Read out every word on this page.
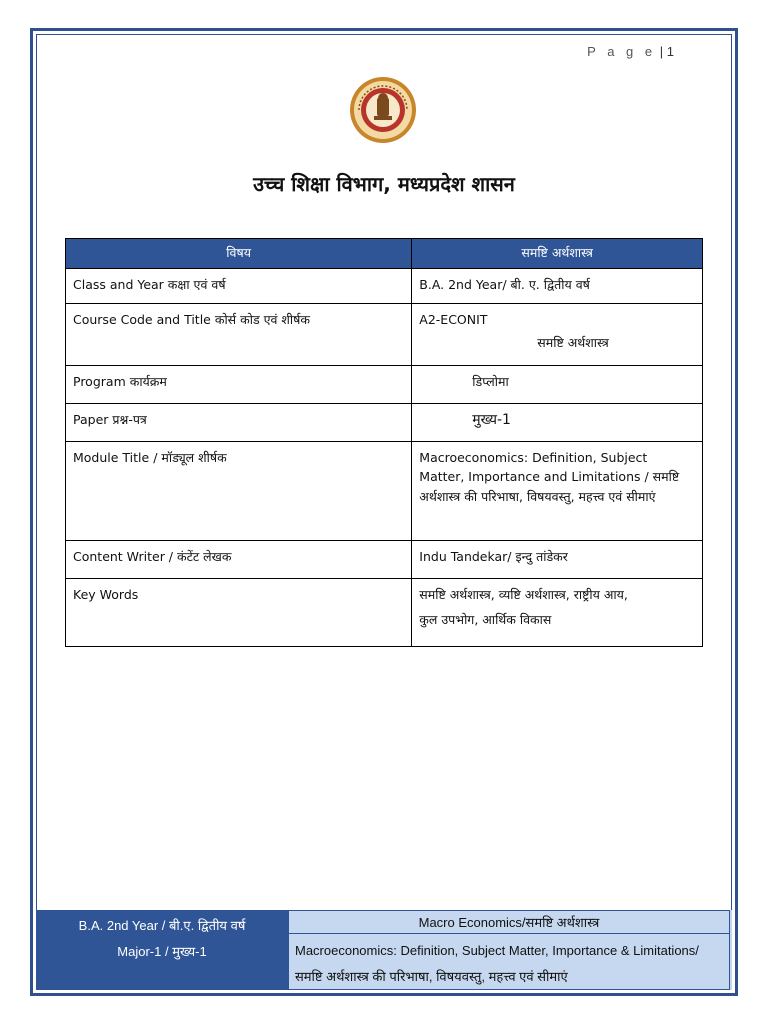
P a g e | 1
उच्च शिक्षा विभाग, मध्यप्रदेश शासन
विषय	समष्टि अर्थशास्त्र
Class and Year कक्षा एवं वर्ष	B.A. 2nd Year/ बी. ए. द्वितीय वर्ष
Course Code and Title कोर्स कोड एवं शीर्षक	A2-ECONIT
समष्टि अर्थशास्त्र

Program कार्यक्रम	डिप्लोमा
Paper प्रश्न-पत्र	मुख्य-1
Module Title / मॉड्यूल शीर्षक	Macroeconomics: Definition, Subject Matter, Importance and Limitations / समष्टि अर्थशास्त्र की परिभाषा, विषयवस्तु, महत्त्व एवं सीमाएं
Content Writer / कंटेंट लेखक	Indu Tandekar/ इन्दु तांडेकर
Key Words	समष्टि अर्थशास्त्र, व्यष्टि अर्थशास्त्र, राष्ट्रीय आय,
कुल उपभोग, आर्थिक विकास
B.A. 2nd Year / बी.ए. द्वितीय वर्ष
Major-1 / मुख्य-1
Macro Economics/समष्टि अर्थशास्त्र
Macroeconomics: Definition, Subject Matter, Importance & Limitations/समष्टि अर्थशास्त्र की परिभाषा, विषयवस्तु, महत्त्व एवं सीमाएं
